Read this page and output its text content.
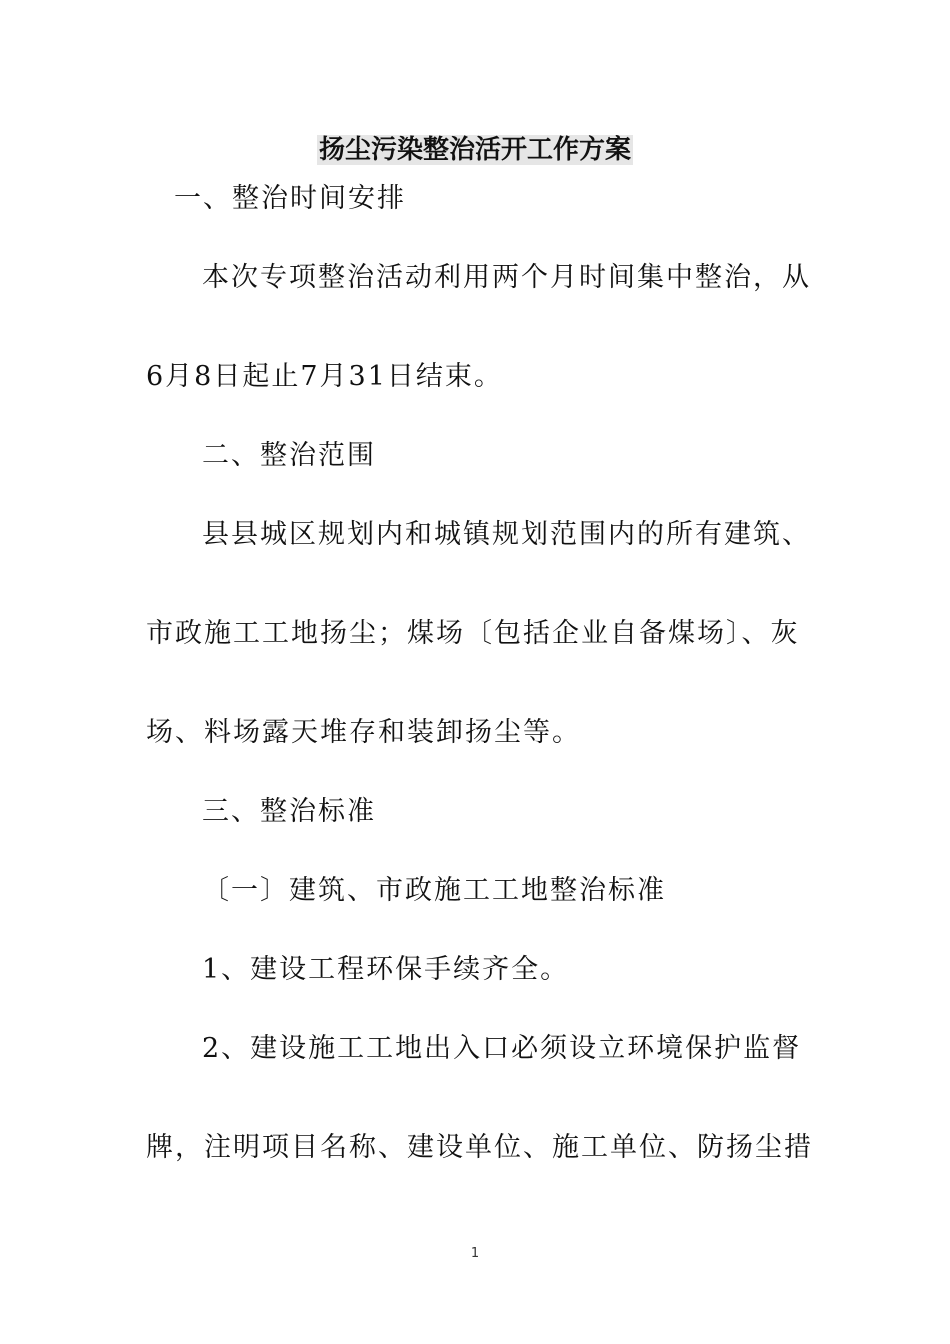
扬尘污染整治活开工作方案
一、整治时间安排
本次专项整治活动利用两个月时间集中整治，从
6月8日起止7月31日结束。
二、整治范围
县县城区规划内和城镇规划范围内的所有建筑、
市政施工工地扬尘；煤场〔包括企业自备煤场〕、灰
场、料场露天堆存和装卸扬尘等。
三、整治标准
〔一〕建筑、市政施工工地整治标准
1、建设工程环保手续齐全。
2、建设施工工地出入口必须设立环境保护监督
牌，注明项目名称、建设单位、施工单位、防扬尘措
1
